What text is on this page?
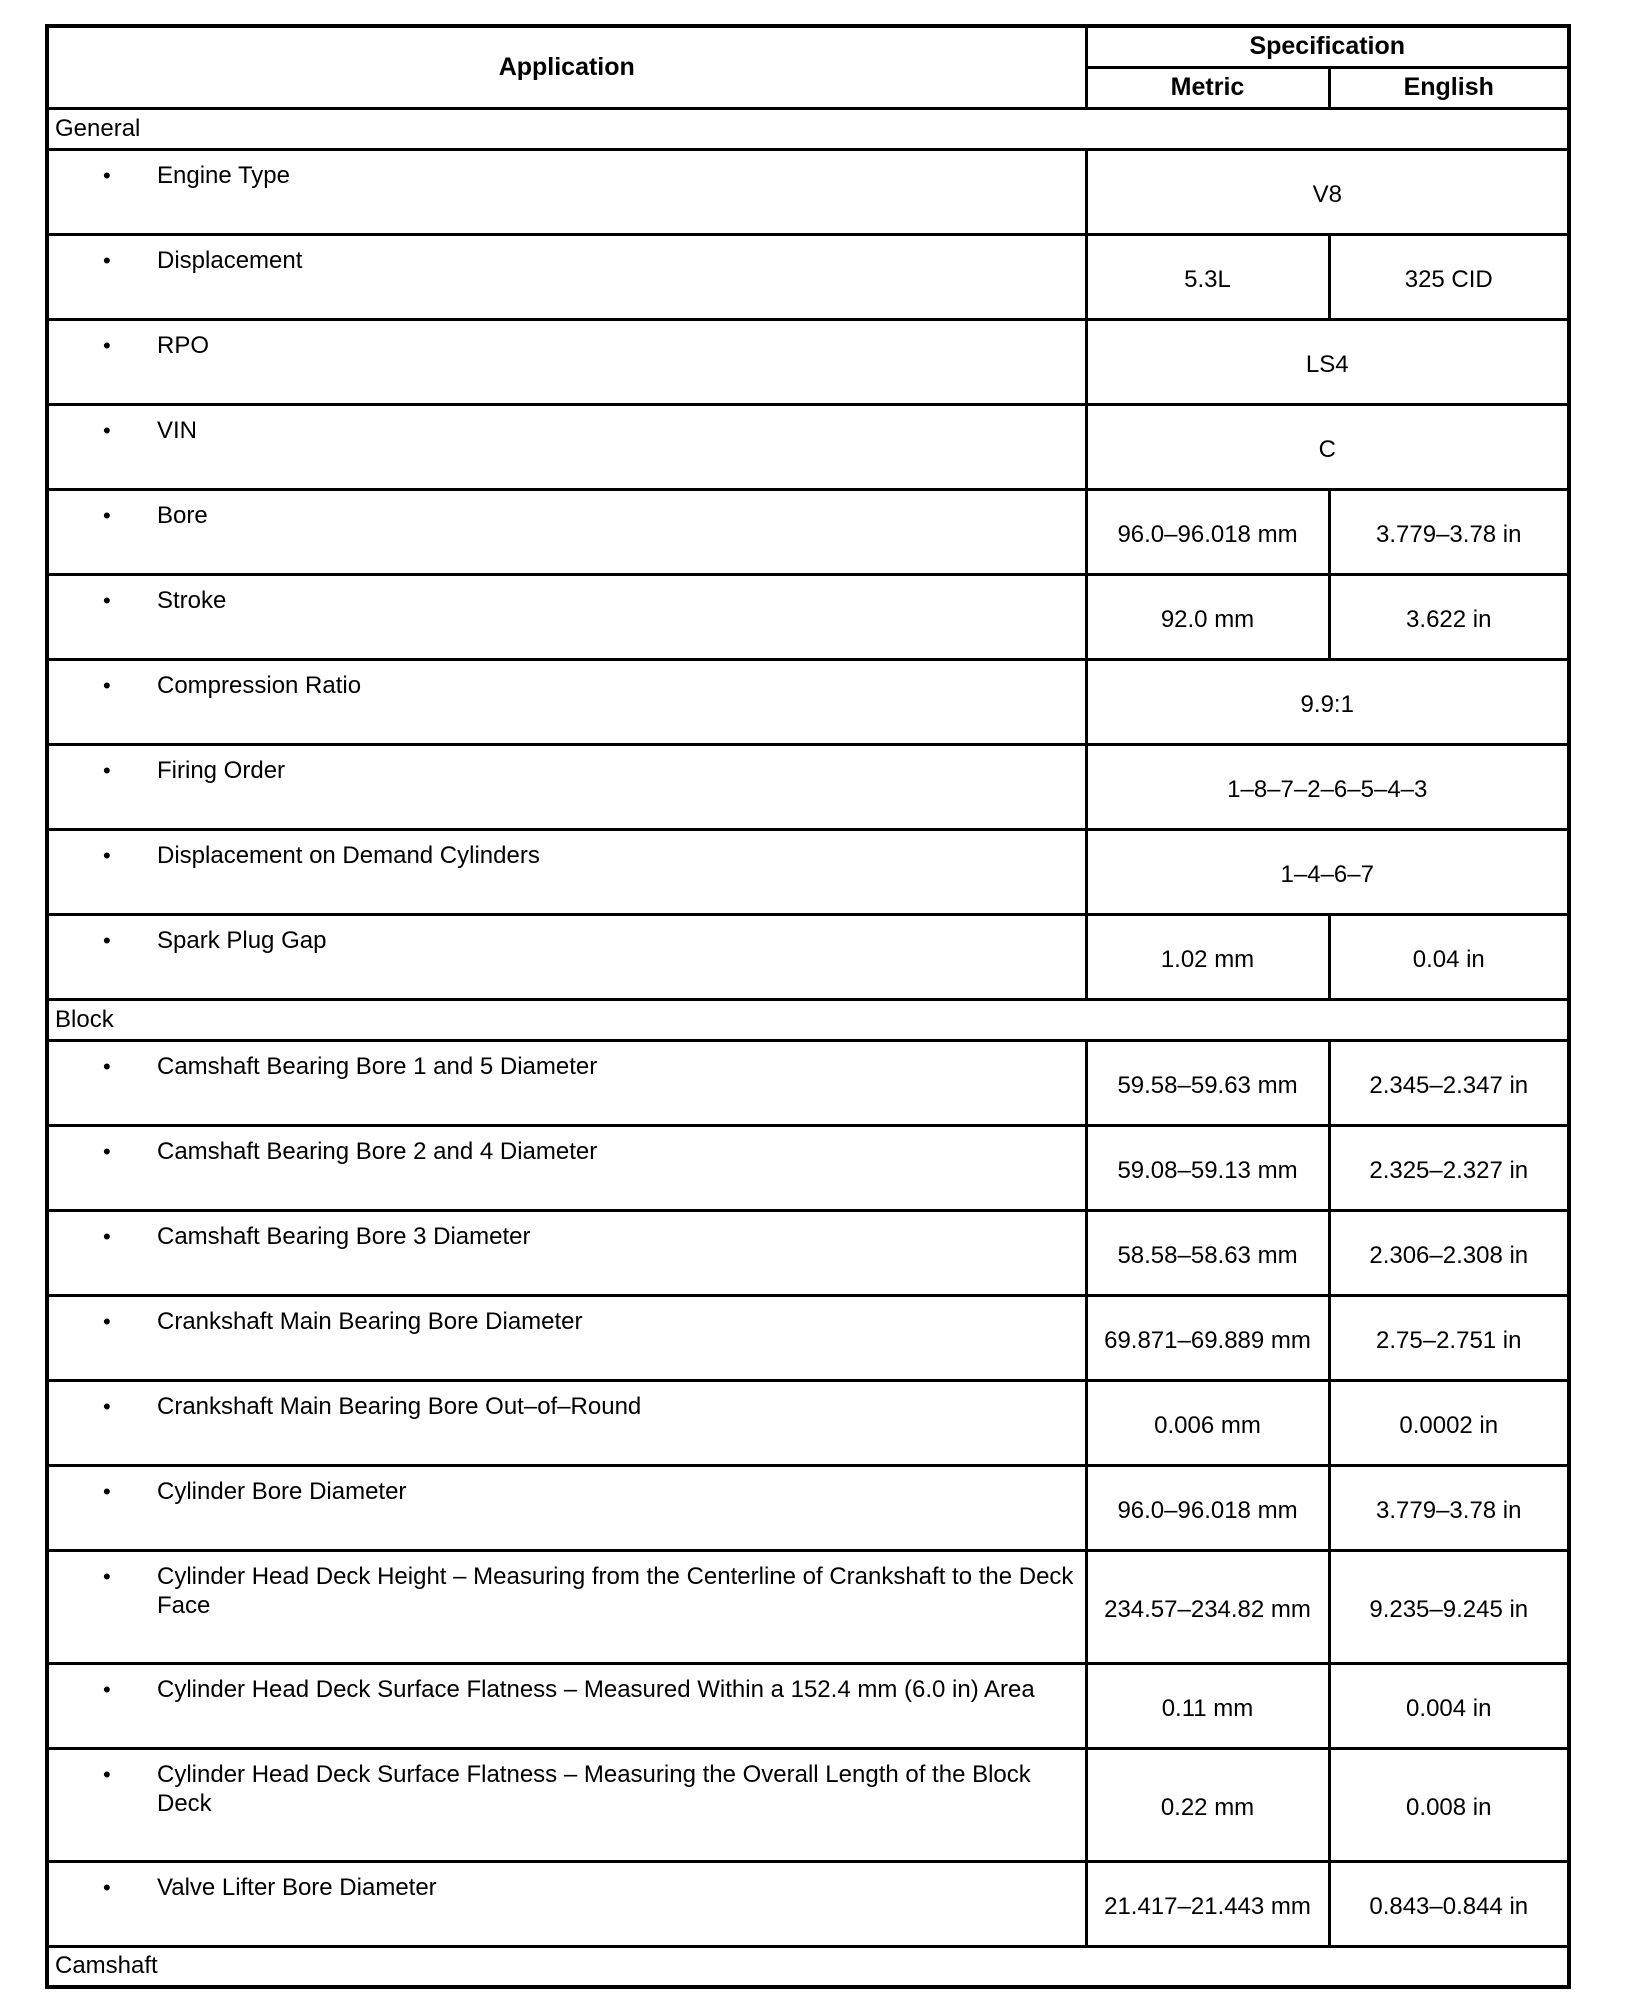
Application	Specification	
	Metric	English
General		

• Engine Type	V8	

• Displacement	5.3L	325 CID

• RPO	LS4	

• VIN	C	

• Bore	96.0–96.018 mm	3.779–3.78 in

• Stroke	92.0 mm	3.622 in

• Compression Ratio	9.9:1	

• Firing Order	1–8–7–2–6–5–4–3	

• Displacement on Demand Cylinders	1–4–6–7	

• Spark Plug Gap	1.02 mm	0.04 in
Block		

• Camshaft Bearing Bore 1 and 5 Diameter	59.58–59.63 mm	2.345–2.347 in

• Camshaft Bearing Bore 2 and 4 Diameter	59.08–59.13 mm	2.325–2.327 in

• Camshaft Bearing Bore 3 Diameter	58.58–58.63 mm	2.306–2.308 in

• Crankshaft Main Bearing Bore Diameter	69.871–69.889 mm	2.75–2.751 in

• Crankshaft Main Bearing Bore Out–of–Round	0.006 mm	0.0002 in

• Cylinder Bore Diameter	96.0–96.018 mm	3.779–3.78 in

• Cylinder Head Deck Height – Measuring from the Centerline of Crankshaft to the Deck Face	234.57–234.82 mm	9.235–9.245 in

• Cylinder Head Deck Surface Flatness – Measured Within a 152.4 mm (6.0 in) Area	0.11 mm	0.004 in

• Cylinder Head Deck Surface Flatness – Measuring the Overall Length of the Block Deck	0.22 mm	0.008 in

• Valve Lifter Bore Diameter	21.417–21.443 mm	0.843–0.844 in
Camshaft		
